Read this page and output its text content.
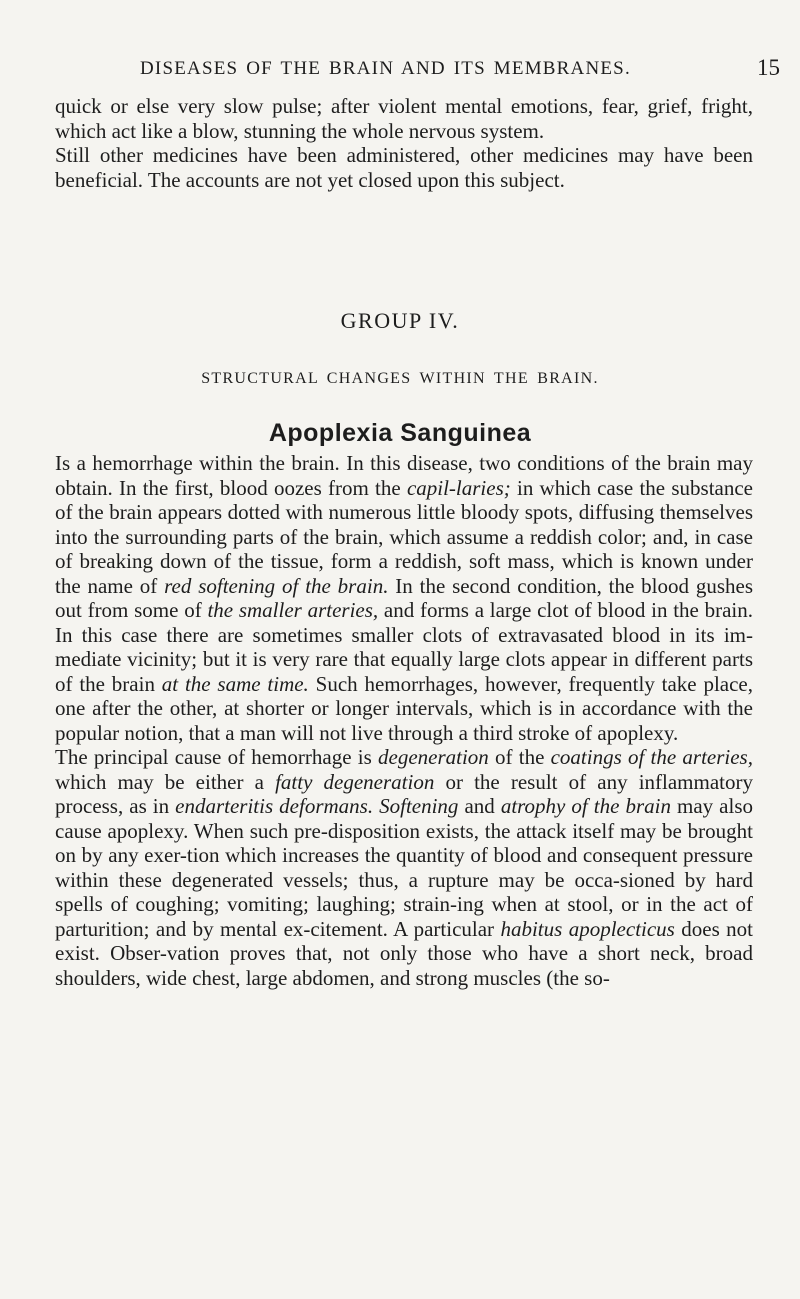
DISEASES OF THE BRAIN AND ITS MEMBRANES.	15

quick or else very slow pulse; after violent mental emotions, fear, grief, fright, which act like a blow, stunning the whole nervous system.

Still other medicines have been administered, other medicines may have been beneficial. The accounts are not yet closed upon this subject.

GROUP IV.
STRUCTURAL CHANGES WITHIN THE BRAIN.
Apoplexia Sanguinea

Is a hemorrhage within the brain. In this disease, two conditions of the brain may obtain. In the first, blood oozes from the capil-laries; in which case the substance of the brain appears dotted with numerous little bloody spots, diffusing themselves into the surrounding parts of the brain, which assume a reddish color; and, in case of breaking down of the tissue, form a reddish, soft mass, which is known under the name of red softening of the brain. In the second condition, the blood gushes out from some of the smaller arteries, and forms a large clot of blood in the brain. In this case there are sometimes smaller clots of extravasated blood in its im-mediate vicinity; but it is very rare that equally large clots appear in different parts of the brain at the same time. Such hemorrhages, however, frequently take place, one after the other, at shorter or longer intervals, which is in accordance with the popular notion, that a man will not live through a third stroke of apoplexy.

The principal cause of hemorrhage is degeneration of the coatings of the arteries, which may be either a fatty degeneration or the result of any inflammatory process, as in endarteritis deformans. Softening and atrophy of the brain may also cause apoplexy. When such pre-disposition exists, the attack itself may be brought on by any exer-tion which increases the quantity of blood and consequent pressure within these degenerated vessels; thus, a rupture may be occa-sioned by hard spells of coughing; vomiting; laughing; strain-ing when at stool, or in the act of parturition; and by mental ex-citement. A particular habitus apoplecticus does not exist. Obser-vation proves that, not only those who have a short neck, broad shoulders, wide chest, large abdomen, and strong muscles (the so-
